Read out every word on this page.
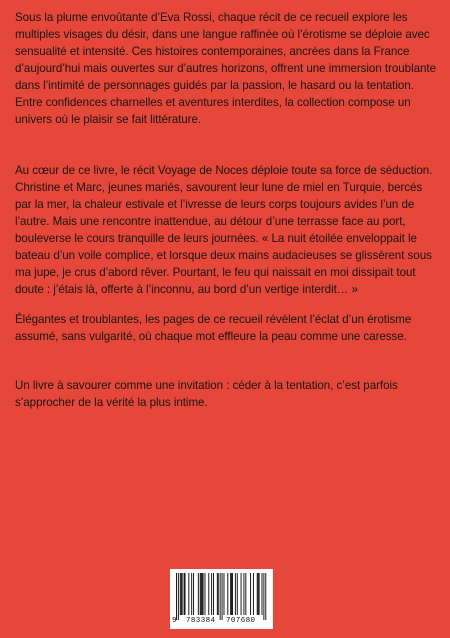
Sous la plume envoûtante d’Eva Rossi, chaque récit de ce recueil explore les multiples visages du désir, dans une langue raffinée où l’érotisme se déploie avec sensualité et intensité. Ces histoires contemporaines, ancrées dans la France d’aujourd’hui mais ouvertes sur d’autres horizons, offrent une immersion troublante dans l’intimité de personnages guidés par la passion, le hasard ou la tentation. Entre confidences charnelles et aventures interdites, la collection compose un univers où le plaisir se fait littérature.

Au cœur de ce livre, le récit Voyage de Noces déploie toute sa force de séduction. Christine et Marc, jeunes mariés, savourent leur lune de miel en Turquie, bercés par la mer, la chaleur estivale et l’ivresse de leurs corps toujours avides l’un de l’autre. Mais une rencontre inattendue, au détour d’une terrasse face au port, bouleverse le cours tranquille de leurs journées. « La nuit étoilée enveloppait le bateau d’un voile complice, et lorsque deux mains audacieuses se glissèrent sous ma jupe, je crus d’abord rêver. Pourtant, le feu qui naissait en moi dissipait tout doute : j’étais là, offerte à l’inconnu, au bord d’un vertige interdit… »

Élégantes et troublantes, les pages de ce recueil révèlent l’éclat d’un érotisme assumé, sans vulgarité, où chaque mot effleure la peau comme une caresse.

Un livre à savourer comme une invitation : céder à la tentation, c’est parfois s’approcher de la vérité la plus intime.

9 783384 707680
